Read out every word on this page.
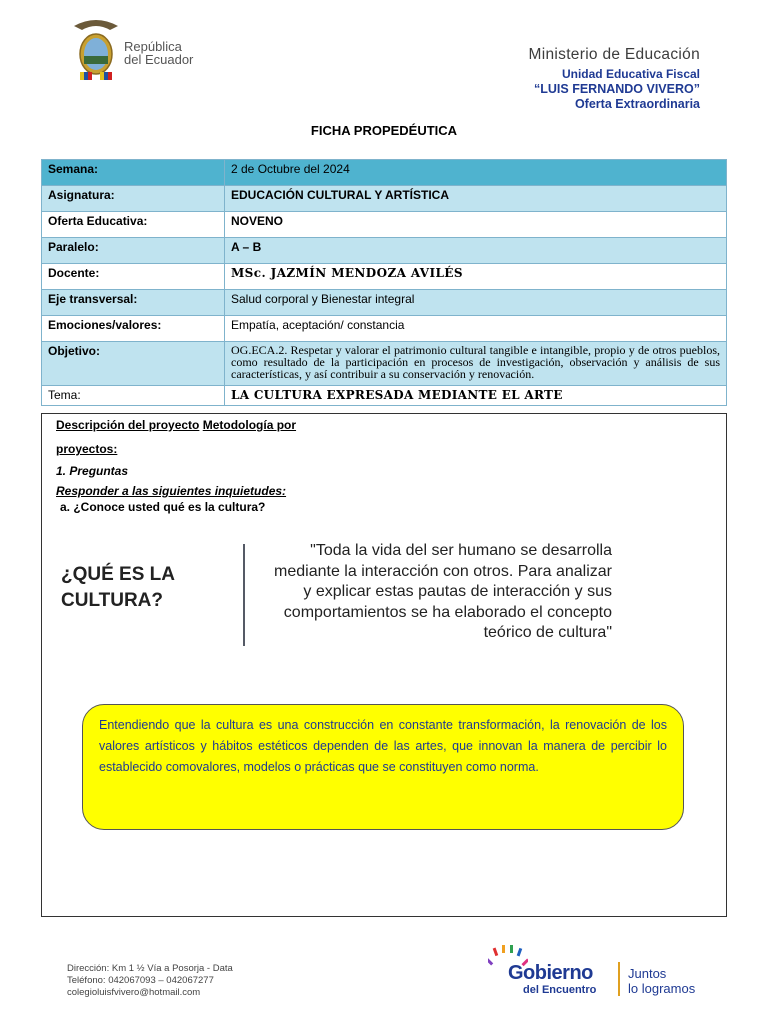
República
del Ecuador	Ministerio de Educación
Unidad Educativa Fiscal
“LUIS FERNANDO VIVERO”
Oferta Extraordinaria
FICHA PROPEDÉUTICA
Semana:	2 de Octubre del 2024
Asignatura:	EDUCACIÓN CULTURAL Y ARTÍSTICA
Oferta Educativa:	NOVENO
Paralelo:	A – B
Docente:	MSc. JAZMÍN MENDOZA AVILÉS
Eje transversal:	Salud corporal y Bienestar integral
Emociones/valores:	Empatía, aceptación/ constancia
Objetivo:	OG.ECA.2. Respetar y valorar el patrimonio cultural tangible e intangible, propio y de otros pueblos, como resultado de la participación en procesos de investigación, observación y análisis de sus características, y así contribuir a su conservación y renovación.
Tema:	LA CULTURA EXPRESADA MEDIANTE EL ARTE
Descripción del proyecto Metodología por
proyectos:
1. Preguntas
Responder a las siguientes inquietudes:
a. ¿Conoce usted qué es la cultura?
¿QUÉ ES LA
CULTURA?
"Toda la vida del ser humano se desarrolla
mediante la interacción con otros. Para analizar
y explicar estas pautas de interacción y sus
comportamientos se ha elaborado el concepto
teórico de cultura"
Entendiendo que la cultura es una construcción en constante transformación, la renovación de los valores artísticos y hábitos estéticos dependen de las artes, que innovan la manera de percibir lo establecido comovalores, modelos o prácticas que se constituyen como norma.
Dirección: Km 1 ½ Vía a Posorja - Data
Teléfono: 042067093 – 042067277
colegioluisfvivero@hotmail.com
Gobierno
del Encuentro
Juntos
lo logramos
